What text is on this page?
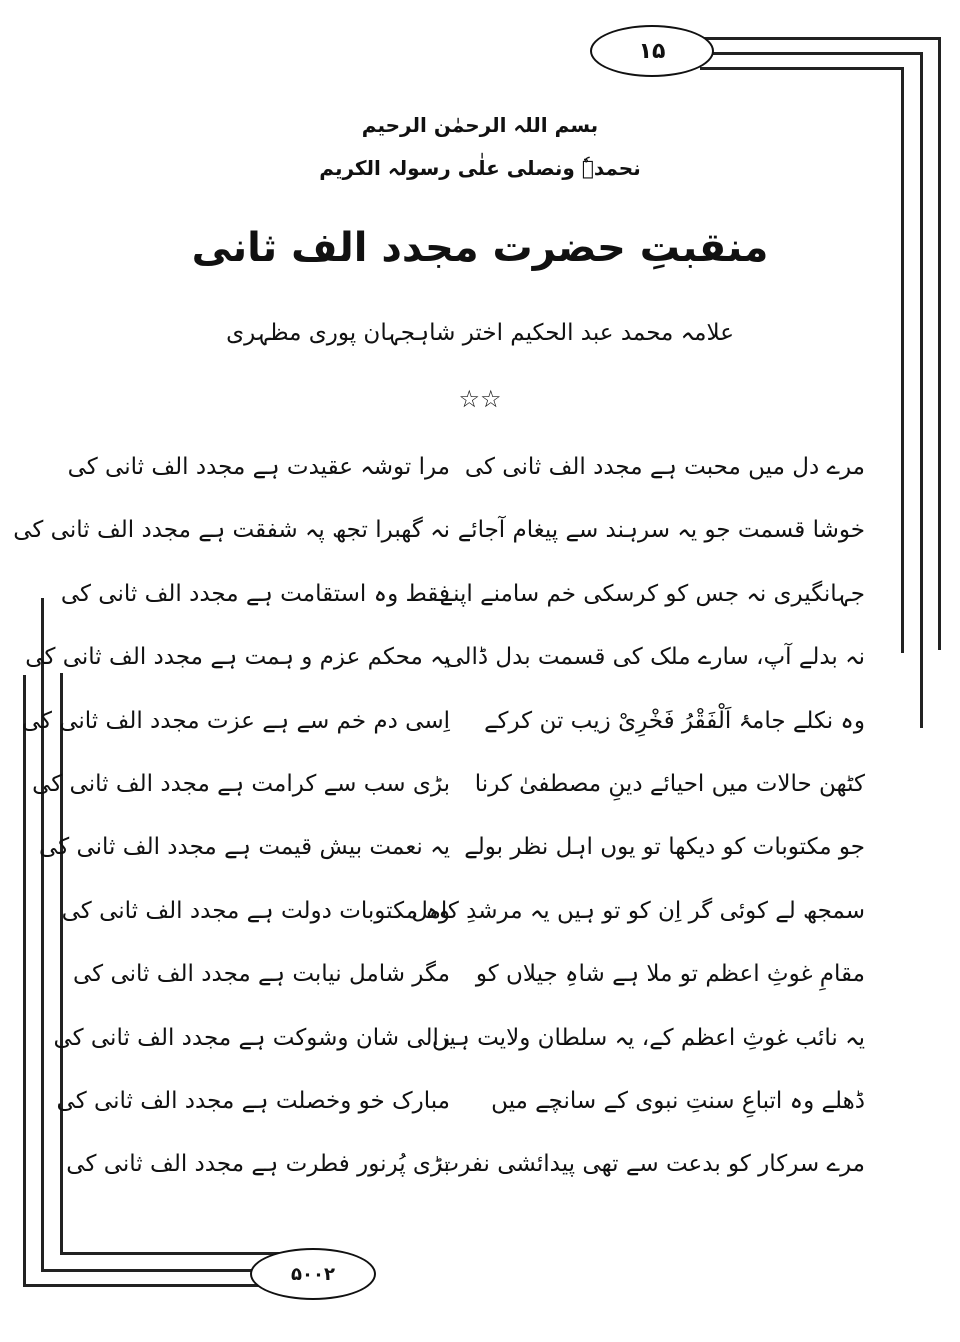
۱۵
۵۰۰۲
بسم اللہ الرحمٰن الرحیم
نحمدہٗ ونصلی علٰی رسولہ الکریم
منقبتِ حضرت مجدد الف ثانی
علامہ محمد عبد الحکیم اختر شاہجہان پوری مظہری
☆☆
مرے دل میں محبت ہے مجدد الف ثانی کی
مرا توشہ عقیدت ہے مجدد الف ثانی کی
خوشا قسمت جو یہ سرہند سے پیغام آجائے
نہ گھبرا تجھ پہ شفقت ہے مجدد الف ثانی کی
جہانگیری نہ جس کو کرسکی خم سامنے اپنے
فقط وہ استقامت ہے مجدد الف ثانی کی
نہ بدلے آپ، سارے ملک کی قسمت بدل ڈالی
یہ محکم عزم و ہمت ہے مجدد الف ثانی کی
وہ نکلے جامۂ اَلْفَقْرُ فَخْرِیْ زیب تن کرکے
اِسی دم خم سے ہے عزت مجدد الف ثانی کی
کٹھن حالات میں احیائے دینِ مصطفیٰ کرنا
بڑی سب سے کرامت ہے مجدد الف ثانی کی
جو مکتوبات کو دیکھا تو یوں اہل نظر بولے
یہ نعمت بیش قیمت ہے مجدد الف ثانی کی
سمجھ لے کوئی گر اِن کو تو ہیں یہ مرشدِ کامل
وہ مکتوبات دولت ہے مجدد الف ثانی کی
مقامِ غوثِ اعظم تو ملا ہے شاہِ جیلاں کو
مگر شامل نیابت ہے مجدد الف ثانی کی
یہ نائب غوثِ اعظم کے، یہ سلطان ولایت ہیں
زالی شان وشوکت ہے مجدد الف ثانی کی
ڈھلے وہ اتباعِ سنتِ نبوی کے سانچے میں
مبارک خو وخصلت ہے مجدد الف ثانی کی
مرے سرکار کو بدعت سے تھی پیدائشی نفرت
بڑی پُرنور فطرت ہے مجدد الف ثانی کی
